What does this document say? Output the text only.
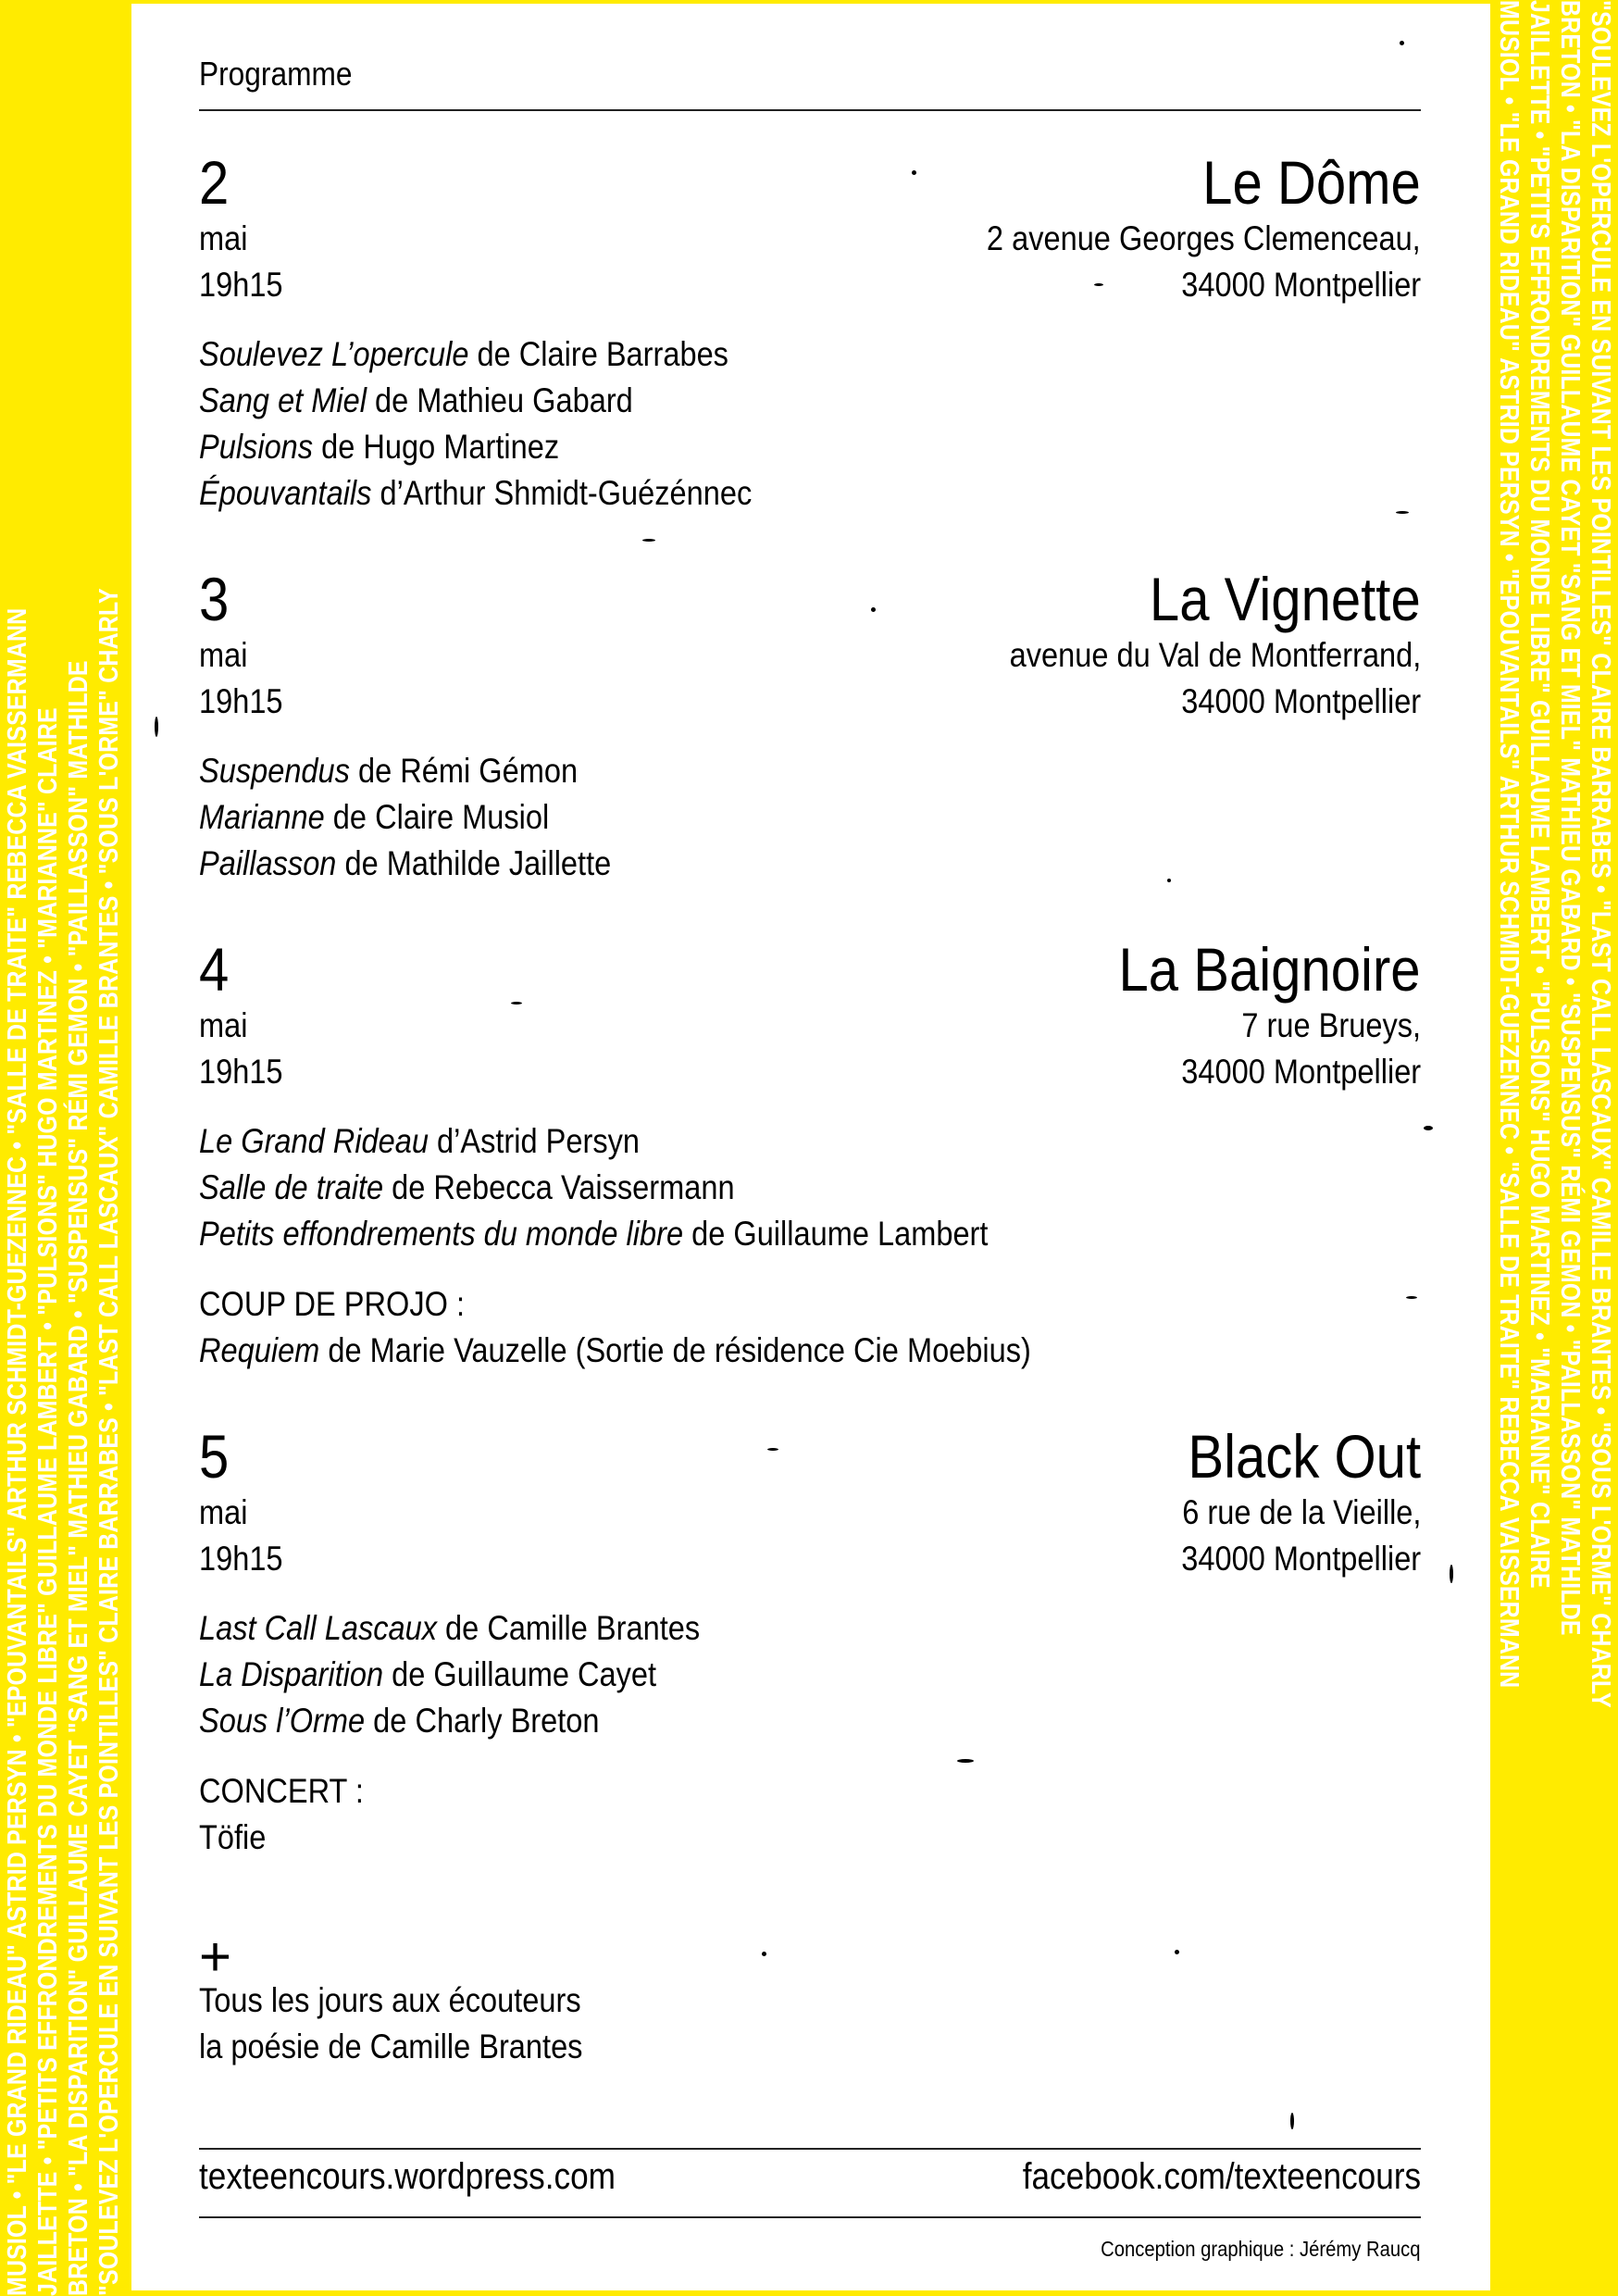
MUSIOL • "LE GRAND RIDEAU" ASTRID PERSYN • "EPOUVANTAILS" ARTHUR SCHMIDT-GUEZENNEC • "SALLE DE TRAITE" REBECCA VAISSERMANN JAILLETTE • "PETITS EFFRONDREMENTS DU MONDE LIBRE" GUILLAUME LAMBERT • "PULSIONS" HUGO MARTINEZ • "MARIANNE" CLAIRE BRETON • "LA DISPARITION" GUILLAUME CAYET "SANG ET MIEL" MATHIEU GABARD • "SUSPENSUS" RÉMI GEMON • "PAILLASSON" MATHILDE "SOULEVEZ L'OPERCULE EN SUIVANT LES POINTILLES" CLAIRE BARRABES • "LAST CALL LASCAUX" CAMILLE BRANTES • "SOUS L'ORME" CHARLY	"SOULEVEZ L'OPERCULE EN SUIVANT LES POINTILLES" CLAIRE BARRABES • "LAST CALL LASCAUX" CAMILLE BRANTES • "SOUS L'ORME" CHARLY
BRETON • "LA DISPARITION" GUILLAUME CAYET "SANG ET MIEL" MATHIEU GABARD • "SUSPENSUS" RÉMI GEMON • "PAILLASSON" MATHILDE
JAILLETTE • "PETITS EFFRONDREMENTS DU MONDE LIBRE" GUILLAUME LAMBERT • "PULSIONS" HUGO MARTINEZ • "MARIANNE" CLAIRE
MUSIOL • "LE GRAND RIDEAU" ASTRID PERSYN • "EPOUVANTAILS" ARTHUR SCHMIDT-GUEZENNEC • "SALLE DE TRAITE" REBECCA VAISSERMANN
Programme
2
mai
19h15
Le Dôme
2 avenue Georges Clemenceau,
34000 Montpellier
Soulevez L’opercule de Claire Barrabes
Sang et Miel de Mathieu Gabard
Pulsions de Hugo Martinez
Épouvantails d’Arthur Shmidt-Guézénnec
3
mai
19h15
La Vignette
avenue du Val de Montferrand,
34000 Montpellier
Suspendus de Rémi Gémon
Marianne de Claire Musiol
Paillasson de Mathilde Jaillette
4
mai
19h15
La Baignoire
7 rue Brueys,
34000 Montpellier
Le Grand Rideau d’Astrid Persyn
Salle de traite de Rebecca Vaissermann
Petits effondrements du monde libre de Guillaume Lambert
COUP DE PROJO :
Requiem de Marie Vauzelle (Sortie de résidence Cie Moebius)
5
mai
19h15
Black Out
6 rue de la Vieille,
34000 Montpellier
Last Call Lascaux de Camille Brantes
La Disparition de Guillaume Cayet
Sous l’Orme de Charly Breton
CONCERT :
Töfie
+
Tous les jours aux écouteurs
la poésie de Camille Brantes
texteencours.wordpress.com	facebook.com/texteencours
Conception graphique : Jérémy Raucq
